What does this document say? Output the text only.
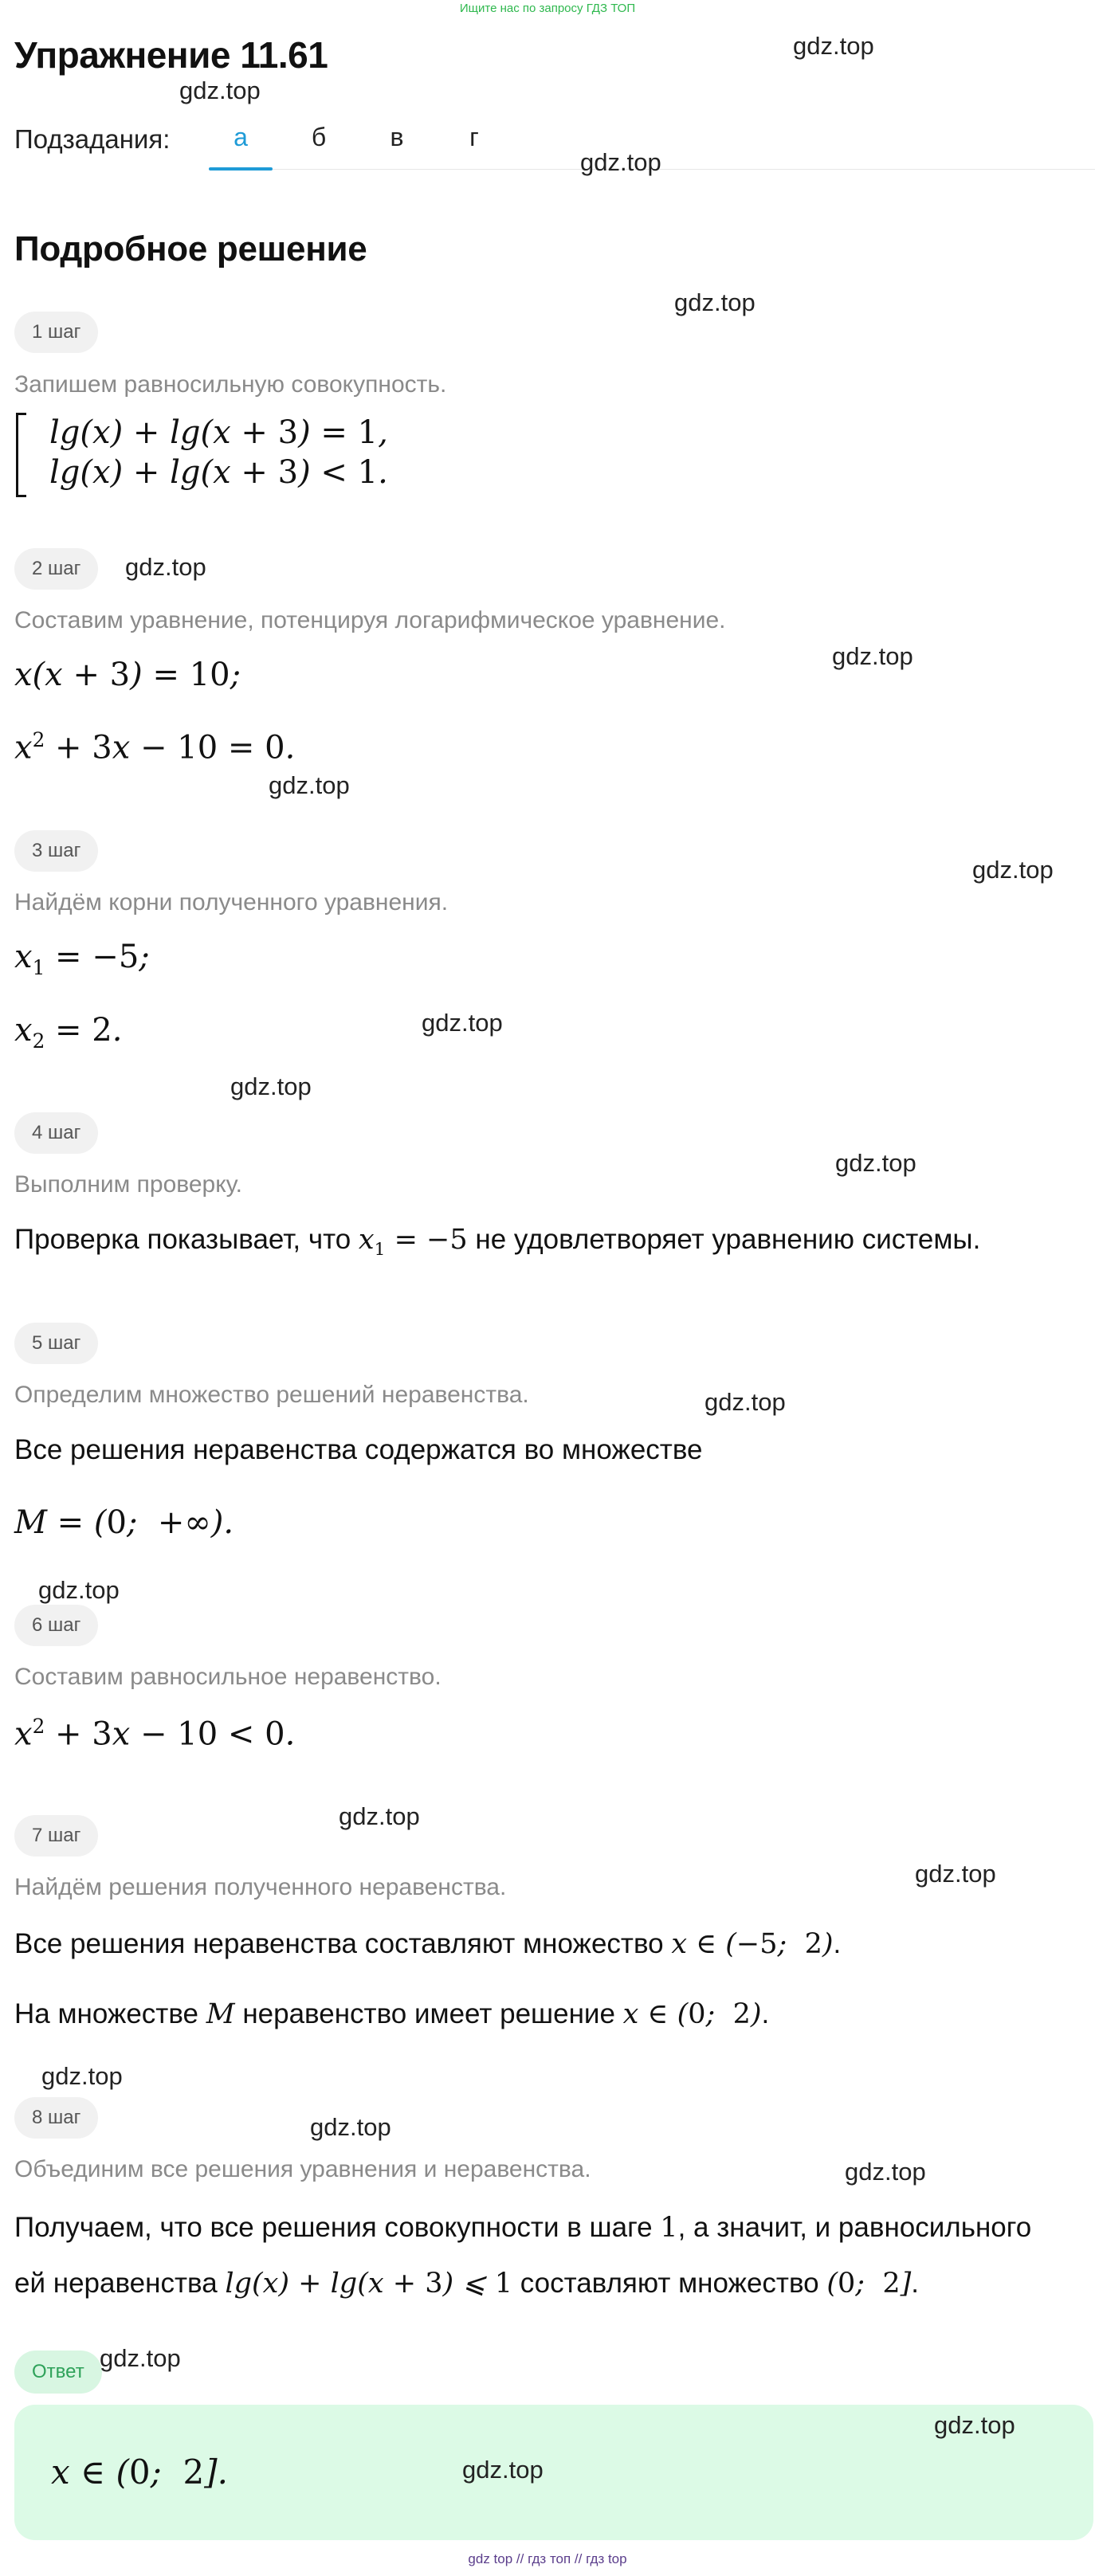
Ищите нас по запросу ГДЗ ТОП
Упражнение 11.61
Подзадания:	а	б	в	г
Подробное решение
1 шаг
Запишем равносильную совокупность.
lg(x) + lg(x + 3) = 1,
lg(x) + lg(x + 3) < 1.
2 шаг
Составим уравнение, потенцируя логарифмическое уравнение.
x(x + 3) = 10;
$x^2 + 3x - 10 = 0$.
3 шаг
Найдём корни полученного уравнения.
$x_1 = -5$;
$x_2 = 2$.
4 шаг
Выполним проверку.
Проверка показывает, что $x_1 = -5$ не удовлетворяет уравнению системы.
5 шаг
Определим множество решений неравенства.
Все решения неравенства содержатся во множестве
M = (0;  +∞).
6 шаг
Составим равносильное неравенство.
$x^2 + 3x - 10 < 0$.
7 шаг
Найдём решения полученного неравенства.
Все решения неравенства составляют множество x ∈ (−5;  2).
На множестве M неравенство имеет решение x ∈ (0;  2).
8 шаг
Объединим все решения уравнения и неравенства.
Получаем, что все решения совокупности в шаге 1, а значит, и равносильного
ей неравенства lg(x) + lg(x + 3) ⩽ 1 составляют множество (0;  2].
Ответ
x ∈ (0;  2].
gdz.top
gdz.top
gdz.top
gdz.top
gdz.top
gdz.top
gdz.top
gdz.top
gdz.top
gdz.top
gdz.top
gdz.top
gdz.top
gdz.top
gdz.top
gdz.top
gdz.top
gdz.top
gdz.top
gdz.top
gdz.top
gdz top // гдз топ // гдз top
